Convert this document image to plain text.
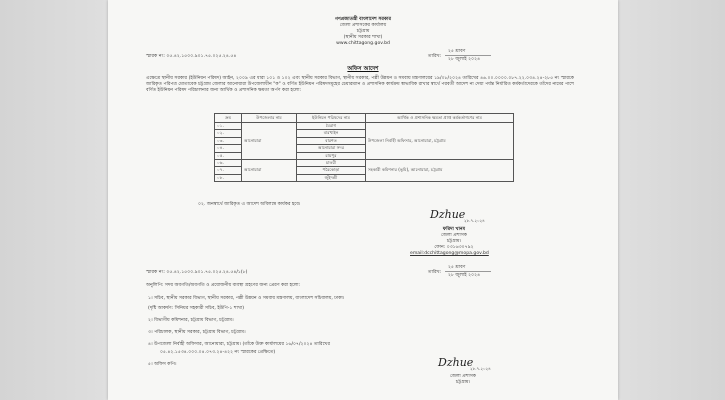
গণপ্রজাতন্ত্রী বাংলাদেশ সরকার
জেলা প্রশাসকের কার্যালয়
চট্টগ্রাম
(স্থানীয় সরকার শাখা)
www.chittagong.gov.bd
স্মারক নং: ০৫.৪২.১৫০০.৯০১.৭৫.০২৫.২৪.৫৪	তারিখ:
২৫ শ্রাবণ
২৮ জুলাই ২০২৪
অফিস আদেশ
এক্ষেত্রে স্থানীয় সরকার (ইউনিয়ন পরিষদ) আইন, ২০০৯ এর ধারা ১০১ ও ১০২ এবং স্থানীয় সরকার বিভাগ, স্থানীয় সরকার, পল্লী উন্নয়ন ও সমবায় মন্ত্রণালয়ের ১৯/০৮/২০২৪ তারিখের ৪৬.০০.০০০০.০৮৭.২২.০৩৪.২৪-২৮৫ নং স্মারকে জারিকৃত পরিপত্র মোতাবেক চট্টগ্রাম জেলার আনোয়ারা উপজেলাধীন "ক" ও বর্ণিত ইউনিয়ন পরিষদসমূহের চেয়ারম্যান ও প্রশাসনিক কার্যক্রম স্বাভাবিক রাখার স্বার্থে পরবর্তী আদেশ না দেয়া পর্যন্ত নির্ধারিত কর্মকর্তাদেরকে তাঁদের নামের পাশে বর্ণিত ইউনিয়ন পরিষদ পরিচালনার জন্য আর্থিক ও প্রশাসনিক ক্ষমতা অর্পণ করা হলো:
ক্রম	উপজেলার নাম	ইউনিয়ন পরিষদের নাম	আর্থিক ও প্রশাসনিক ক্ষমতা প্রাপ্ত কর্মকর্তাগণের নাম
০১.	আনোয়ারা	বৈরাগ	উপজেলা নির্বাহী অফিসার, আনোয়ারা, চট্টগ্রাম
০২.		বারখাইন	
০৩.		বারশত	
০৪.		আনোয়ারা সদর	
০৫.		রায়পুর	
০৬.	আনোয়ারা	চাতরী	সহকারী কমিশনার (ভূমি), আনোয়ারা, চট্টগ্রাম
০৭.		পরৈকোড়া	
০৮.		জুঁইদন্ডী	
০২. জনস্বার্থে জারিকৃত এ আদেশ অবিলম্বে কার্যকর হবে।
Dzhue
২৮.৭.২০২৪
ফরিদা খানম
জেলা প্রশাসক
চট্টগ্রাম।
ফোন: ০৩১৬৩০৭৯২
email:dcchittagong@mopa.gov.bd
স্মারক নং: ০৫.৪২.১৫০০.৯০১.৭৫.০২৫.২৪.৫৪/১(৮)	তারিখ:
২৫ শ্রাবণ
২৮ জুলাই ২০২৪
অনুলিপি: সদয় অবগতি/অবগতি ও প্রয়োজনীয় ব্যবস্থা গ্রহণের জন্য প্রেরণ করা হলো:
১। সচিব, স্থানীয় সরকার বিভাগ, স্থানীয় সরকার, পল্লী উন্নয়ন ও সমবায় মন্ত্রণালয়, বাংলাদেশ সচিবালয়, ঢাকা।
(দৃষ্টি আকর্ষণ: সিনিয়র সহকারী সচিব, ইউপি-১ শাখা)
২। বিভাগীয় কমিশনার, চট্টগ্রাম বিভাগ, চট্টগ্রাম।
৩। পরিচালক, স্থানীয় সরকার, চট্টগ্রাম বিভাগ, চট্টগ্রাম।
৪। উপজেলা নির্বাহী অফিসার, আনোয়ারা, চট্টগ্রাম। (তাঁকে উক্ত কার্যালয়ের ১৬/০৭/২০২৪ তারিখের
০৫.৪২.১৫৩৪.০০০.০৪.০৭৩.২৪-৪২২ নং স্মারকের প্রেক্ষিতে)
৫। অফিস কপি।	Dzhue
২৮.৭.২০২৪
জেলা প্রশাসক
চট্টগ্রাম।
